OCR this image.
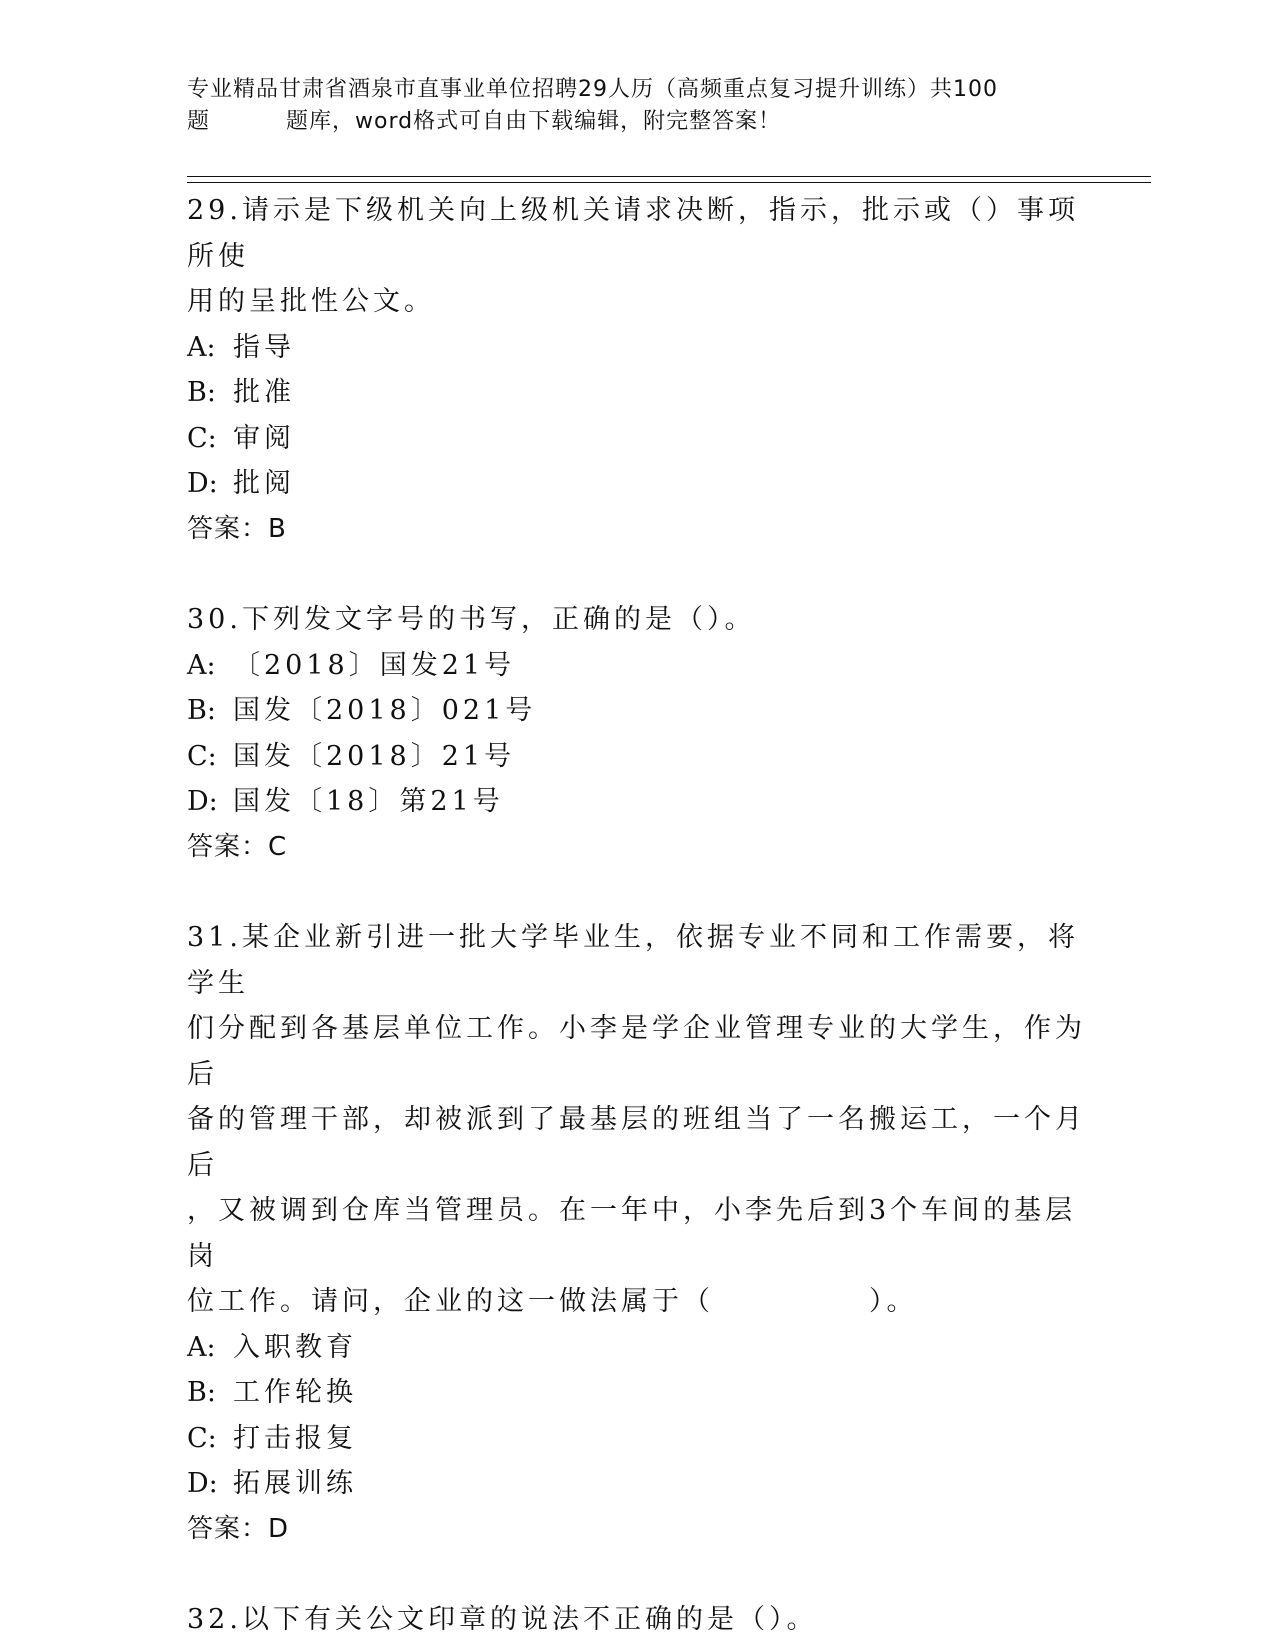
专业精品甘肃省酒泉市直事业单位招聘29人历（高频重点复习提升训练）共100
题	题库，word格式可自由下载编辑，附完整答案！
29.请示是下级机关向上级机关请求决断，指示，批示或（）事项所使
用的呈批性公文。
A: 指导
B: 批准
C: 审阅
D: 批阅
答案：B
30.下列发文字号的书写，正确的是（）。
A: 〔2018〕国发21号
B: 国发〔2018〕021号
C: 国发〔2018〕21号
D: 国发〔18〕第21号
答案：C
31.某企业新引进一批大学毕业生，依据专业不同和工作需要，将学生
们分配到各基层单位工作。小李是学企业管理专业的大学生，作为后
备的管理干部，却被派到了最基层的班组当了一名搬运工，一个月后
，又被调到仓库当管理员。在一年中，小李先后到3个车间的基层岗
位工作。请问，企业的这一做法属于（　　　　　）。
A: 入职教育
B: 工作轮换
C: 打击报复
D: 拓展训练
答案：D
32.以下有关公文印章的说法不正确的是（）。
